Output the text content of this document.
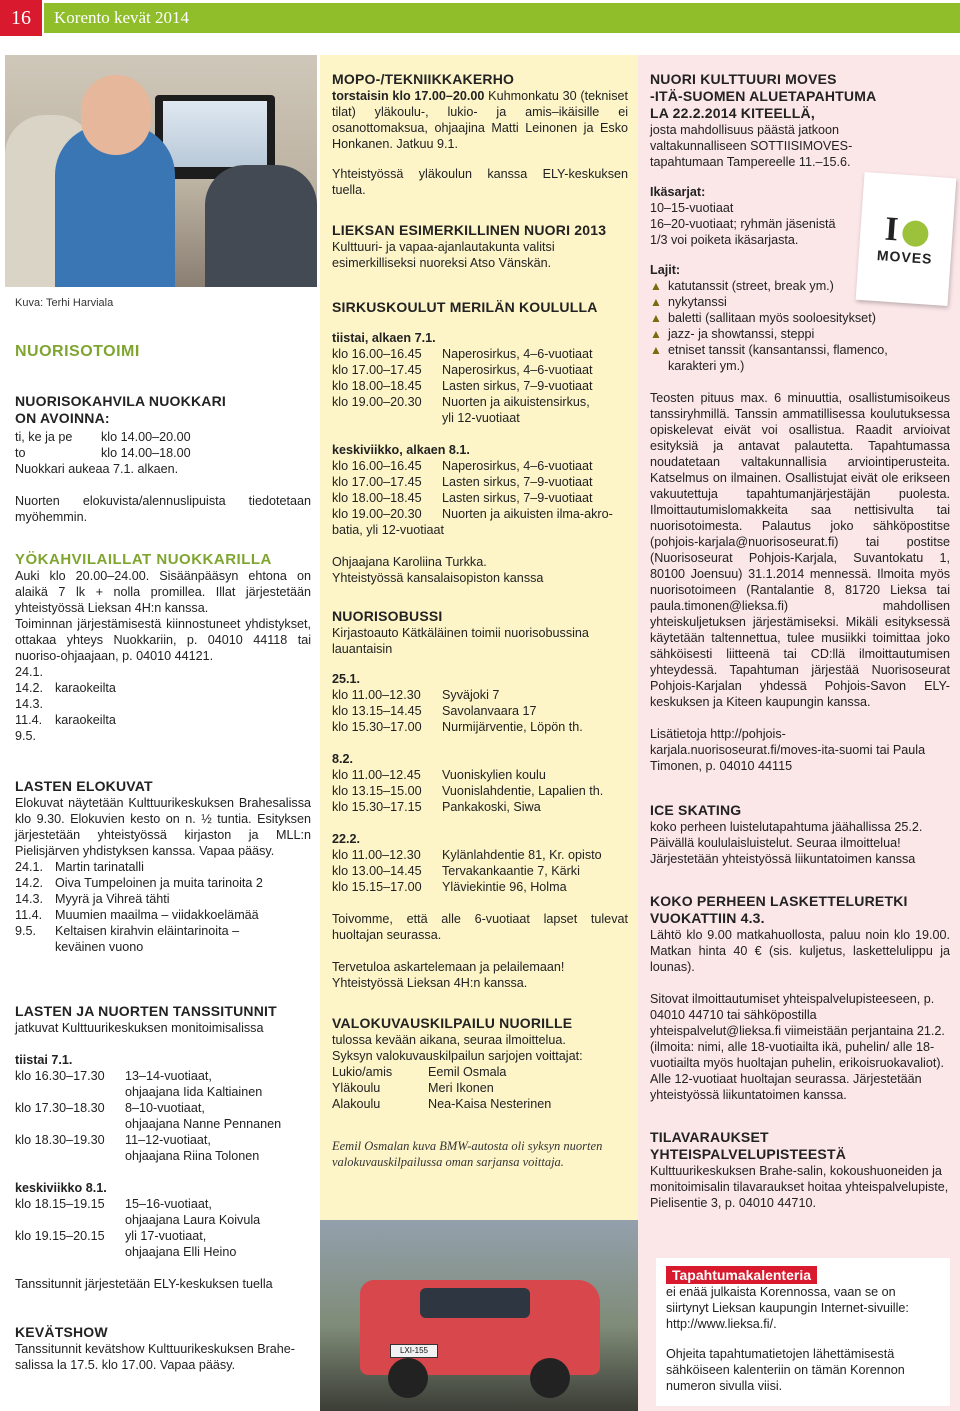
16	Korento kevät 2014
Kuva: Terhi Harviala
NUORISOTOIMI
NUORISOKAHVILA NUOKKARI
ON AVOINNA:
ti, ke ja pe	klo 14.00–20.00
to	klo 14.00–18.00
Nuokkari aukeaa 7.1. alkaen.
Nuorten elokuvista/alennuslipuista tiedotetaan myöhemmin.
YÖKAHVILAILLAT NUOKKARILLA
Auki klo 20.00–24.00. Sisäänpääsyn ehtona on alaikä 7 lk + nolla promillea. Illat järjestetään yhteistyössä Lieksan 4H:n kanssa.
Toiminnan järjestämisestä kiinnostuneet yhdistykset, ottakaa yhteys Nuokkariin, p. 04010 44118 tai nuoriso-ohjaajaan, p. 04010 44121.
24.1.
14.2. karaokeilta
14.3.
11.4.	karaokeilta
9.5.
LASTEN ELOKUVAT
Elokuvat näytetään Kulttuurikeskuksen Brahesalissa klo 9.30. Elokuvien kesto on n. ½ tuntia. Esityksen järjestetään yhteistyössä kirjaston ja MLL:n Pielisjärven yhdistyksen kanssa. Vapaa pääsy.
24.1. Martin tarinatalli
14.2. Oiva Tumpeloinen ja muita tarinoita 2
14.3. Myyrä ja Vihreä tähti
11.4.	Muumien maailma – viidakkoelämää
9.5.	Keltaisen kirahvin eläintarinoita –
keväinen vuono
LASTEN JA NUORTEN TANSSITUNNIT
jatkuvat Kulttuurikeskuksen monitoimisalissa
tiistai 7.1.
klo 16.30–17.30	13–14-vuotiaat,
ohjaajana Iida Kaltiainen
klo 17.30–18.30	8–10-vuotiaat,
ohjaajana Nanne Pennanen
klo 18.30–19.30	11–12-vuotiaat,
ohjaajana Riina Tolonen
keskiviikko 8.1.
klo 18.15–19.15	15–16-vuotiaat,
ohjaajana Laura Koivula
klo 19.15–20.15	yli 17-vuotiaat,
ohjaajana Elli Heino
Tanssitunnit järjestetään ELY-keskuksen tuella
KEVÄTSHOW
Tanssitunnit kevätshow Kulttuurikeskuksen Brahe-salissa la 17.5. klo 17.00. Vapaa pääsy.
MOPO-/TEKNIIKKAKERHO
torstaisin klo 17.00–20.00 Kuhmonkatu 30 (tekniset tilat) yläkoulu-, lukio- ja amis–ikäisille ei osanottomaksua, ohjaajina Matti Leinonen ja Esko Honkanen. Jatkuu 9.1.
Yhteistyössä yläkoulun kanssa ELY-keskuksen tuella.
LIEKSAN ESIMERKILLINEN NUORI 2013
Kulttuuri- ja vapaa-ajanlautakunta valitsi esimerkilliseksi nuoreksi Atso Vänskän.
SIRKUSKOULUT MERILÄN KOULULLA
tiistai, alkaen 7.1.
klo 16.00–16.45	Naperosirkus, 4–6-vuotiaat
klo 17.00–17.45	Naperosirkus, 4–6-vuotiaat
klo 18.00–18.45	Lasten sirkus, 7–9-vuotiaat
klo 19.00–20.30	Nuorten ja aikuistensirkus,
yli 12-vuotiaat
keskiviikko, alkaen 8.1.
klo 16.00–16.45	Naperosirkus, 4–6-vuotiaat
klo 17.00–17.45	Lasten sirkus, 7–9-vuotiaat
klo 18.00–18.45	Lasten sirkus, 7–9-vuotiaat
klo 19.00–20.30	Nuorten ja aikuisten ilma-akro-
batia, yli 12-vuotiaat
Ohjaajana Karoliina Turkka.
Yhteistyössä kansalaisopiston kanssa
NUORISOBUSSI
Kirjastoauto Kätkäläinen toimii nuorisobussina lauantaisin
25.1.
klo 11.00–12.30	Syväjoki 7
klo 13.15–14.45	Savolanvaara 17
klo 15.30–17.00	Nurmijärventie, Löpön th.
8.2.
klo 11.00–12.45	Vuoniskylien koulu
klo 13.15–15.00	Vuonislahdentie, Lapalien th.
klo 15.30–17.15	Pankakoski, Siwa
22.2.
klo 11.00–12.30	Kylänlahdentie 81, Kr. opisto
klo 13.00–14.45	Tervakankaantie 7, Kärki
klo 15.15–17.00	Yläviekintie 96, Holma
Toivomme, että alle 6-vuotiaat lapset tulevat huoltajan seurassa.
Tervetuloa askartelemaan ja pelailemaan!
Yhteistyössä Lieksan 4H:n kanssa.
VALOKUVAUSKILPAILU NUORILLE
tulossa kevään aikana, seuraa ilmoittelua.
Syksyn valokuvauskilpailun sarjojen voittajat:
Lukio/amis	Eemil Osmala
Yläkoulu	Meri Ikonen
Alakoulu	Nea-Kaisa Nesterinen
Eemil Osmalan kuva BMW-autosta oli syksyn nuorten valokuvauskilpailussa oman sarjansa voittaja.
LXI-155
NUORI KULTTUURI MOVES
-ITÄ-SUOMEN ALUETAPAHTUMA
LA 22.2.2014 KITEELLÄ,
josta mahdollisuus päästä jatkoon valtakunnalliseen SOTTIISIMOVES-tapahtumaan Tampereelle 11.–15.6.
Ikäsarjat:
10–15-vuotiaat
16–20-vuotiaat; ryhmän jäsenistä
1/3 voi poiketa ikäsarjasta.
Lajit:
▲ katutanssit (street, break ym.)
▲ nykytanssi
▲ baletti (sallitaan myös sooloesitykset)
▲ jazz- ja showtanssi, steppi
▲ etniset tanssit (kansantanssi, flamenco,
karakteri ym.)
Teosten pituus max. 6 minuuttia, osallistumisoikeus tanssiryhmillä. Tanssin ammatillisessa koulutuksessa opiskelevat eivät voi osallistua. Raadit arvioivat esityksiä ja antavat palautetta. Tapahtumassa noudatetaan valtakunnallisia arviointiperusteita. Katselmus on ilmainen. Osallistujat eivät ole erikseen vakuutettuja tapahtumanjärjestäjän puolesta. Ilmoittautumislomakkeita saa nettisivulta tai nuorisotoimesta. Palautus joko sähköpostitse (pohjois-karjala@nuorisoseurat.fi) tai postitse (Nuorisoseurat Pohjois-Karjala, Suvantokatu 1, 80100 Joensuu) 31.1.2014 mennessä. Ilmoita myös nuorisotoimeen (Rantalantie 8, 81720 Lieksa tai paula.timonen@lieksa.fi) mahdollisen yhteiskuljetuksen järjestämiseksi. Mikäli esityksessä käytetään taltennettua, tulee musiikki toimittaa joko sähköisesti liitteenä tai CD:llä ilmoittautumisen yhteydessä. Tapahtuman järjestää Nuorisoseurat Pohjois-Karjalan yhdessä Pohjois-Savon ELY-keskuksen ja Kiteen kaupungin kanssa.
Lisätietoja http://pohjois-karjala.nuorisoseurat.fi/moves-ita-suomi tai Paula Timonen, p. 04010 44115
ICE SKATING
koko perheen luistelutapahtuma jäähallissa 25.2. Päivällä koululaisluistelut. Seuraa ilmoittelua! Järjestetään yhteistyössä liikuntatoimen kanssa
KOKO PERHEEN LASKETTELURETKI
VUOKATTIIN 4.3.
Lähtö klo 9.00 matkahuollosta, paluu noin klo 19.00. Matkan hinta 40 € (sis. kuljetus, laskettelulippu ja lounas).
Sitovat ilmoittautumiset yhteispalvelupisteeseen, p. 04010 44710 tai sähköpostilla yhteispalvelut@lieksa.fi viimeistään perjantaina 21.2. (ilmoita: nimi, alle 18-vuotiailta ikä, puhelin/ alle 18-vuotiailta myös huoltajan puhelin, erikoisruokavaliot). Alle 12-vuotiaat huoltajan seurassa. Järjestetään yhteistyössä liikuntatoimen kanssa.
TILAVARAUKSET
YHTEISPALVELUPISTEESTÄ
Kulttuurikeskuksen Brahe-salin, kokoushuoneiden ja monitoimisalin tilavaraukset hoitaa yhteispalvelupiste, Pielisentie 3, p. 04010 44710.
I
MOVES
Tapahtumakalenteria
ei enää julkaista Korennossa, vaan se on siirtynyt Lieksan kaupungin Internet-sivuille: http://www.lieksa.fi/.
Ohjeita tapahtumatietojen lähettämisestä sähköiseen kalenteriin on tämän Korennon numeron sivulla viisi.
